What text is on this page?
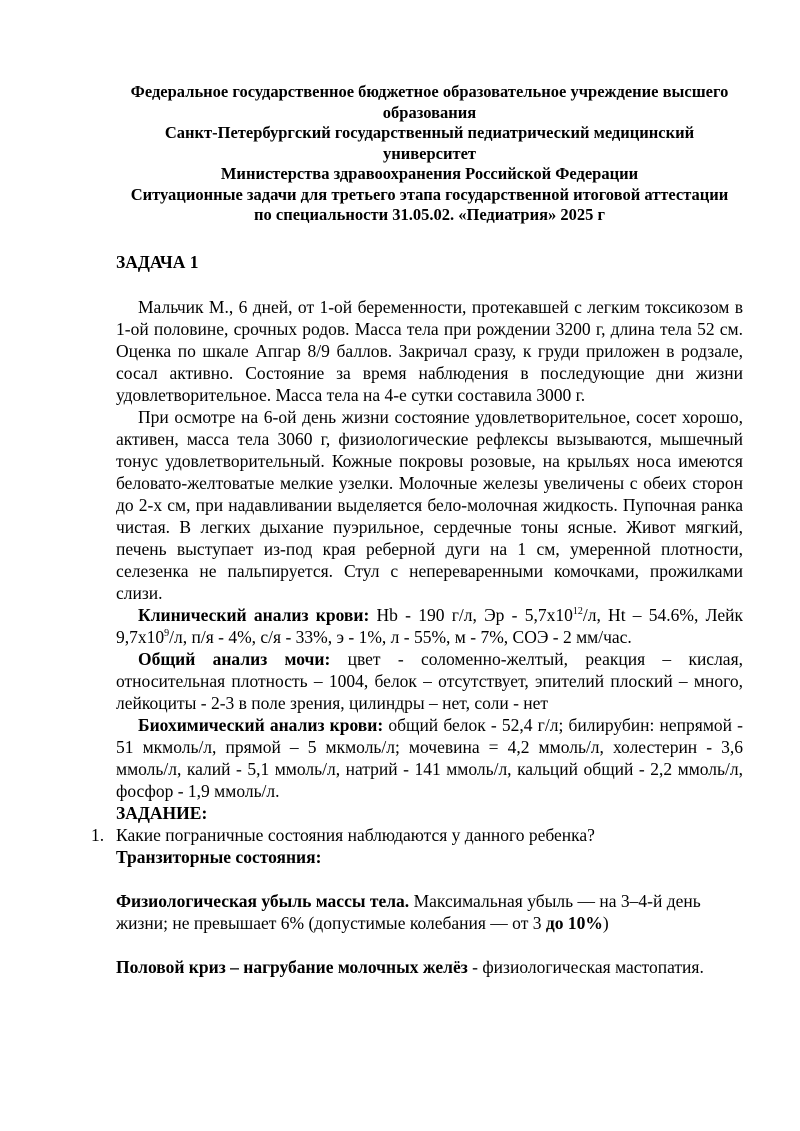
Федеральное государственное бюджетное образовательное учреждение высшего образования
Санкт-Петербургский государственный педиатрический медицинский университет
Министерства здравоохранения Российской Федерации
Ситуационные задачи для третьего этапа государственной итоговой аттестации
по специальности 31.05.02. «Педиатрия» 2025 г
ЗАДАЧА 1

Мальчик М., 6 дней, от 1-ой беременности, протекавшей с легким токсикозом в 1-ой половине, срочных родов. Масса тела при рождении 3200 г, длина тела 52 см. Оценка по шкале Апгар 8/9 баллов. Закричал сразу, к груди приложен в родзале, сосал активно. Состояние за время наблюдения в последующие дни жизни удовлетворительное. Масса тела на 4-е сутки составила 3000 г.

При осмотре на 6-ой день жизни состояние удовлетворительное, сосет хорошо, активен, масса тела 3060 г, физиологические рефлексы вызываются, мышечный тонус удовлетворительный. Кожные покровы розовые, на крыльях носа имеются беловато-желтоватые мелкие узелки. Молочные железы увеличены с обеих сторон до 2-х см, при надавливании выделяется бело-молочная жидкость. Пупочная ранка чистая. В легких дыхание пуэрильное, сердечные тоны ясные. Живот мягкий, печень выступает из-под края реберной дуги на 1 см, умеренной плотности, селезенка не пальпируется. Стул с непереваренными комочками, прожилками слизи.

Клинический анализ крови: Hb - 190 г/л, Эр - $5,7х10^{12}/л$, Ht – 54.6%, Лейк $9,7х10^9/л$, п/я - 4%, с/я - 33%, э - 1%, л - 55%, м - 7%, СОЭ - 2 мм/час.

Общий анализ мочи: цвет - соломенно-желтый, реакция – кислая, относительная плотность – 1004, белок – отсутствует, эпителий плоский – много, лейкоциты - 2-3 в поле зрения, цилиндры – нет, соли - нет

Биохимический анализ крови: общий белок - 52,4 г/л; билирубин: непрямой - 51 мкмоль/л, прямой – 5 мкмоль/л; мочевина = 4,2 ммоль/л, холестерин - 3,6 ммоль/л, калий - 5,1 ммоль/л, натрий - 141 ммоль/л, кальций общий - 2,2 ммоль/л, фосфор - 1,9 ммоль/л.

ЗАДАНИЕ:

1. Какие пограничные состояния наблюдаются у данного ребенка?
Транзиторные состояния:

Физиологическая убыль массы тела. Максимальная убыль — на 3–4-й день жизни; не превышает 6% (допустимые колебания — от 3 до 10%)

Половой криз – нагрубание молочных желёз - физиологическая мастопатия.
